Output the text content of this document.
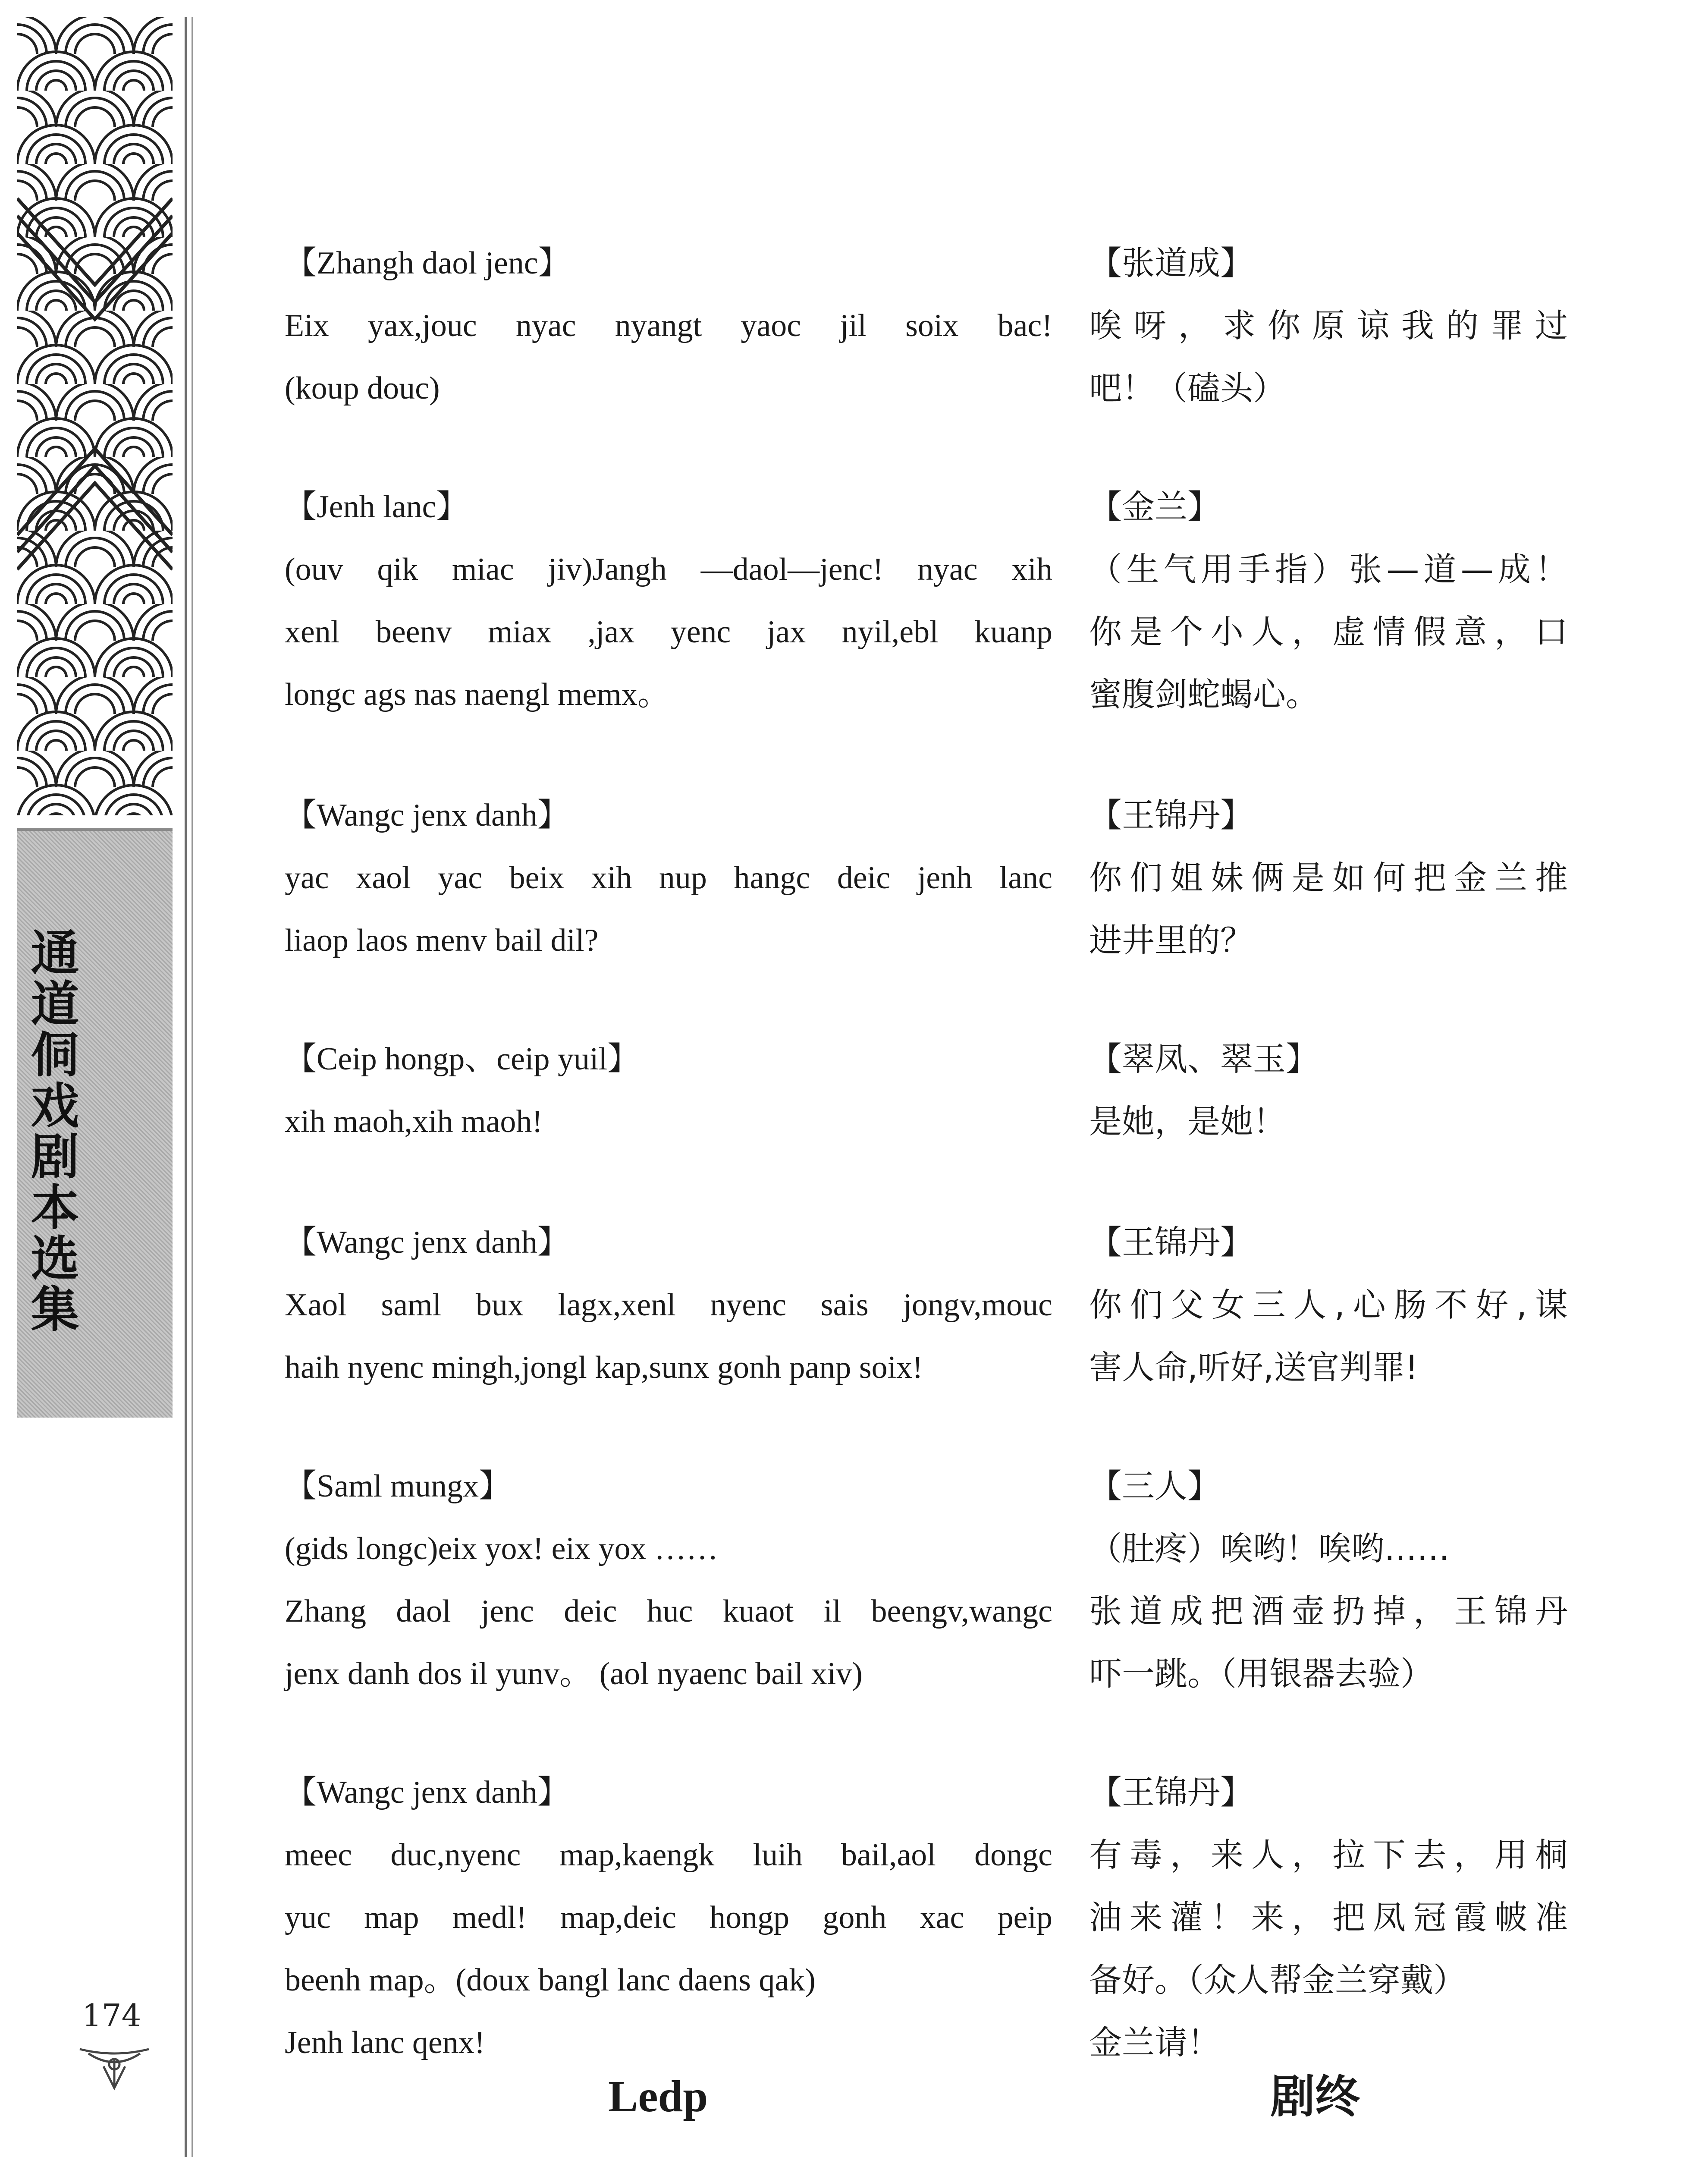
通道侗戏剧本选集
174
【Zhangh daol jenc】
Eix yax,jouc nyac nyangt yaoc jil soix bac!
(koup douc)
【张道成】
唉呀，求你原谅我的罪过
吧！（磕头）
【Jenh lanc】
(ouv qik miac jiv)Jangh —daol—jenc! nyac xih
xenl beenv miax ,jax yenc jax nyil,ebl kuanp
longc ags nas naengl memx。
【金兰】
（生气用手指）张—道—成！
你是个小人，虚情假意，口
蜜腹剑蛇蝎心。
【Wangc jenx danh】
yac xaol yac beix xih nup hangc deic jenh lanc
liaop laos menv bail dil?
【王锦丹】
你们姐妹俩是如何把金兰推
进井里的？
【Ceip hongp、ceip yuil】
xih maoh,xih maoh!
【翠凤、翠玉】
是她，是她！
【Wangc jenx danh】
Xaol saml bux lagx,xenl nyenc sais jongv,mouc
haih nyenc mingh,jongl kap,sunx gonh panp soix!
【王锦丹】
你们父女三人,心肠不好,谋
害人命,听好,送官判罪!
【Saml mungx】
(gids longc)eix yox! eix yox ……
Zhang daol jenc deic huc kuaot il beengv,wangc
jenx danh dos il yunv。 (aol nyaenc bail xiv)
【三人】
（肚疼）唉哟！唉哟……
张道成把酒壶扔掉，王锦丹
吓一跳。（用银器去验）
【Wangc jenx danh】
meec duc,nyenc map,kaengk luih bail,aol dongc
yuc map medl! map,deic hongp gonh xac peip
beenh map。(doux bangl lanc daens qak)
Jenh lanc qenx!
【王锦丹】
有毒，来人，拉下去，用桐
油来灌！来，把凤冠霞帔准
备好。（众人帮金兰穿戴）
金兰请！
Ledp	剧终
